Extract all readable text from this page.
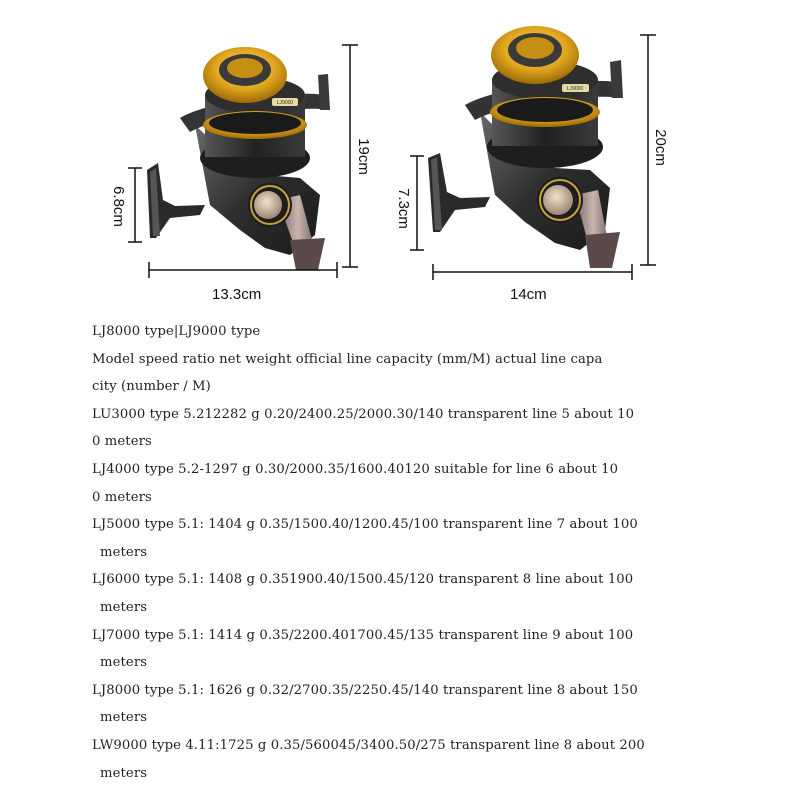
LJ9000
LJ9000
19cm
6.8cm
13.3cm
20cm
7.3cm
14cm
LJ8000 type|LJ9000 type
Model speed ratio net weight official line capacity (mm/M) actual line capa
city (number / M)
LU3000 type 5.212282 g 0.20/2400.25/2000.30/140 transparent line 5 about 10
0 meters
LJ4000 type 5.2-1297 g 0.30/2000.35/1600.40120 suitable for line 6 about 10
0 meters
LJ5000 type 5.1: 1404 g 0.35/1500.40/1200.45/100 transparent line 7 about 100
meters
LJ6000 type 5.1: 1408 g 0.351900.40/1500.45/120 transparent 8 line about 100
meters
LJ7000 type 5.1: 1414 g 0.35/2200.401700.45/135 transparent line 9 about 100
meters
LJ8000 type 5.1: 1626 g 0.32/2700.35/2250.45/140 transparent line 8 about 150
meters
LW9000 type 4.11:1725 g 0.35/560045/3400.50/275 transparent line 8 about 200
meters
